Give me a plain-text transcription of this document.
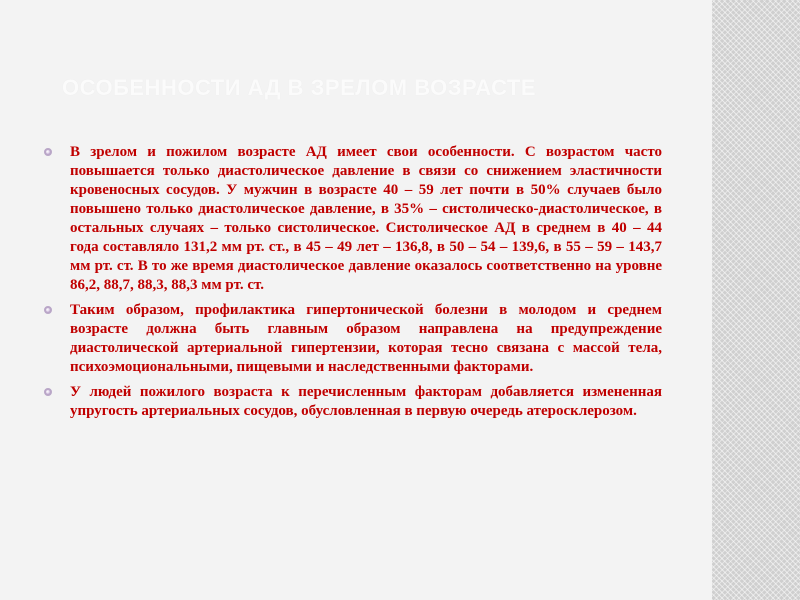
ОСОБЕННОСТИ АД В ЗРЕЛОМ ВОЗРАСТЕ
В зрелом и пожилом возрасте АД имеет свои особенности. С возрастом часто повышается только диастолическое давление в связи со снижением эластичности кровеносных сосудов. У мужчин в возрасте 40 – 59 лет почти в 50% случаев было повышено только диастолическое давление, в 35% – систолическо-диастолическое, в остальных случаях – только систолическое. Систолическое АД в среднем в 40 – 44 года составляло 131,2 мм рт. ст., в 45 – 49 лет – 136,8, в 50 – 54 – 139,6, в 55 – 59 – 143,7 мм рт. ст. В то же время диастолическое давление оказалось соответственно на уровне 86,2, 88,7, 88,3, 88,3 мм рт. ст.
Таким образом, профилактика гипертонической болезни в молодом и среднем возрасте должна быть главным образом направлена на предупреждение диастолической артериальной гипертензии, которая тесно связана с массой тела, психоэмоциональными, пищевыми и наследственными факторами.
У людей пожилого возраста к перечисленным факторам добавляется измененная упругость артериальных сосудов, обусловленная в первую очередь атеросклерозом.
